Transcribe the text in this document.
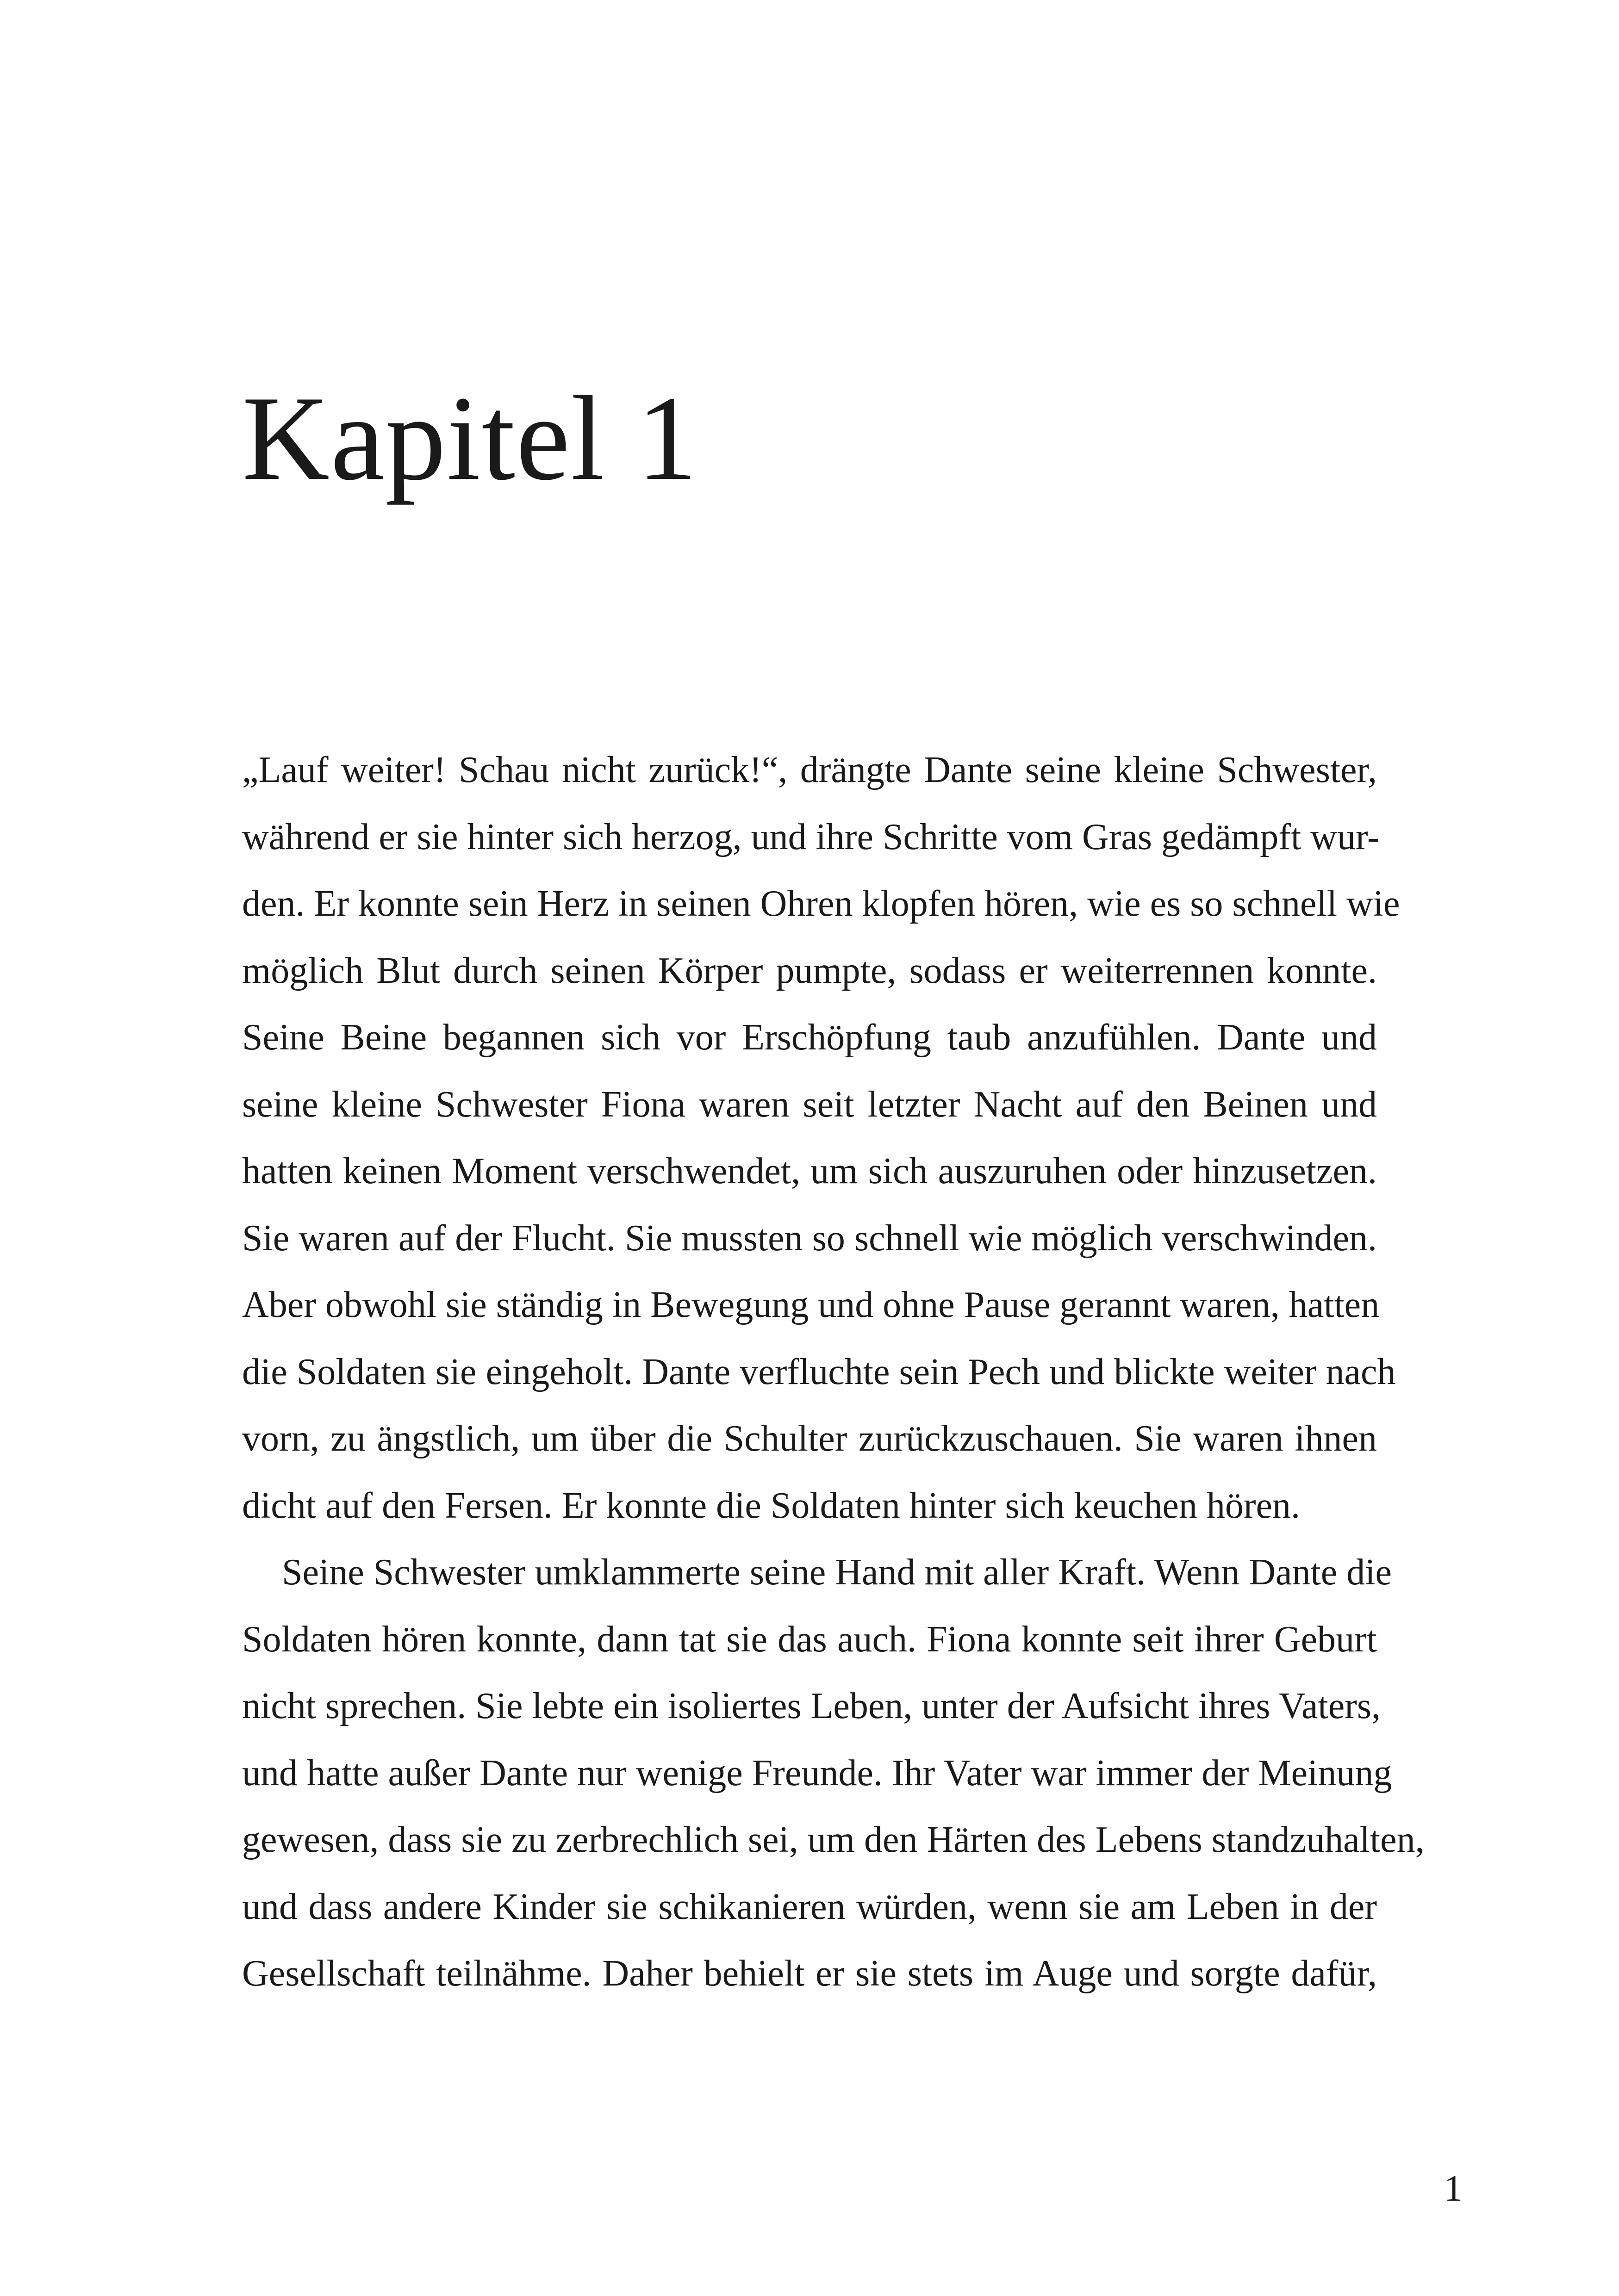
Kapitel 1
„Lauf weiter! Schau nicht zurück!“, drängte Dante seine kleine Schwester,
während er sie hinter sich herzog, und ihre Schritte vom Gras gedämpft wur-
den. Er konnte sein Herz in seinen Ohren klopfen hören, wie es so schnell wie
möglich Blut durch seinen Körper pumpte, sodass er weiterrennen konnte.
Seine Beine begannen sich vor Erschöpfung taub anzufühlen. Dante und
seine kleine Schwester Fiona waren seit letzter Nacht auf den Beinen und
hatten keinen Moment verschwendet, um sich auszuruhen oder hinzusetzen.
Sie waren auf der Flucht. Sie mussten so schnell wie möglich verschwinden.
Aber obwohl sie ständig in Bewegung und ohne Pause gerannt waren, hatten
die Soldaten sie eingeholt. Dante verfluchte sein Pech und blickte weiter nach
vorn, zu ängstlich, um über die Schulter zurückzuschauen. Sie waren ihnen
dicht auf den Fersen. Er konnte die Soldaten hinter sich keuchen hören.
Seine Schwester umklammerte seine Hand mit aller Kraft. Wenn Dante die
Soldaten hören konnte, dann tat sie das auch. Fiona konnte seit ihrer Geburt
nicht sprechen. Sie lebte ein isoliertes Leben, unter der Aufsicht ihres Vaters,
und hatte außer Dante nur wenige Freunde. Ihr Vater war immer der Meinung
gewesen, dass sie zu zerbrechlich sei, um den Härten des Lebens standzuhalten,
und dass andere Kinder sie schikanieren würden, wenn sie am Leben in der
Gesellschaft teilnähme. Daher behielt er sie stets im Auge und sorgte dafür,
1
